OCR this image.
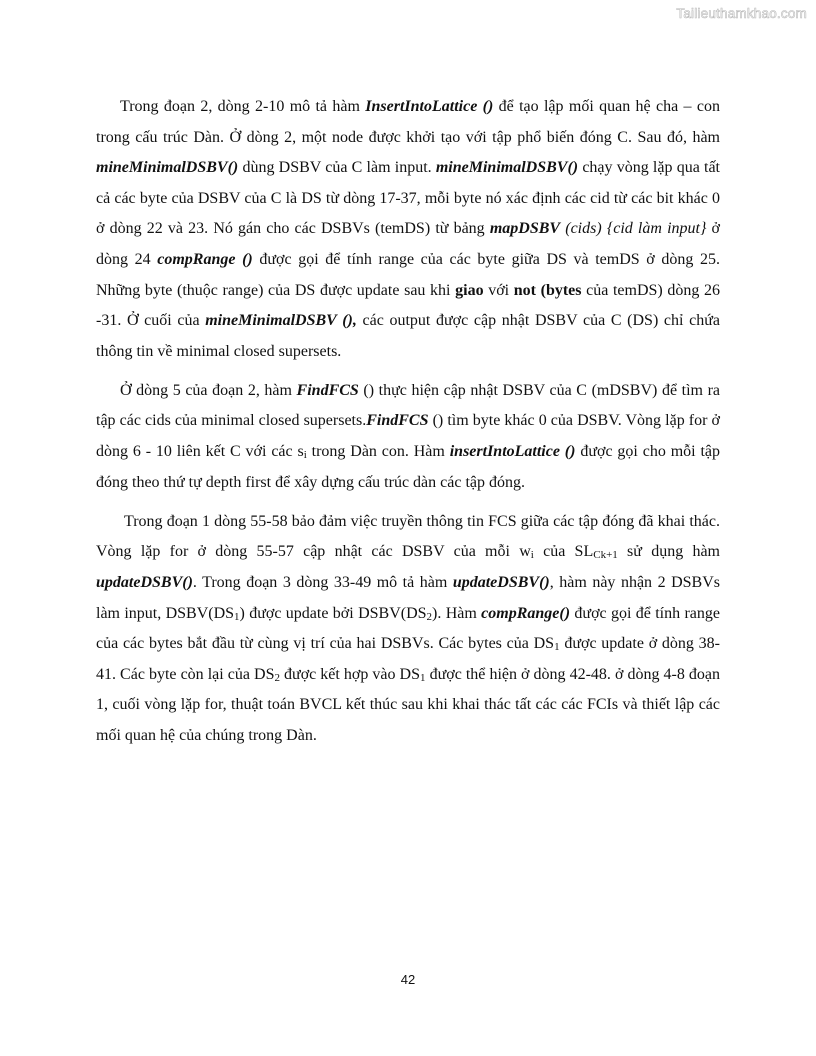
Tailieuthamkhao.com

Trong đoạn 2, dòng 2-10 mô tả hàm InsertIntoLattice () để tạo lập mối quan hệ cha – con trong cấu trúc Dàn. Ở dòng 2, một node được khởi tạo với tập phổ biến đóng C. Sau đó, hàm mineMinimalDSBV() dùng DSBV của C làm input. mineMinimalDSBV() chạy vòng lặp qua tất cả các byte của DSBV của C là DS từ dòng 17-37, mỗi byte nó xác định các cid từ các bit khác 0 ở dòng 22 và 23. Nó gán cho các DSBVs (temDS) từ bảng mapDSBV (cids) {cid làm input} ở dòng 24 compRange () được gọi để tính range của các byte giữa DS và temDS ở dòng 25. Những byte (thuộc range) của DS được update sau khi giao với not (bytes của temDS) dòng 26 -31. Ở cuối của mineMinimalDSBV (), các output được cập nhật DSBV của C (DS) chỉ chứa thông tin về minimal closed supersets.

Ở dòng 5 của đoạn 2, hàm FindFCS () thực hiện cập nhật DSBV của C (mDSBV) để tìm ra tập các cids của minimal closed supersets.FindFCS () tìm byte khác 0 của DSBV. Vòng lặp for ở dòng 6 - 10 liên kết C với các $s_i$ trong Dàn con. Hàm insertIntoLattice () được gọi cho mỗi tập đóng theo thứ tự depth first để xây dựng cấu trúc dàn các tập đóng.

Trong đoạn 1 dòng 55-58 bảo đảm việc truyền thông tin FCS giữa các tập đóng đã khai thác. Vòng lặp for ở dòng 55-57 cập nhật các DSBV của mỗi $w_i$ của $SL_{Ck+1}$ sử dụng hàm updateDSBV(). Trong đoạn 3 dòng 33-49 mô tả hàm updateDSBV(), hàm này nhận 2 DSBVs làm input, $DSBV(DS_1)$ được update bởi $DSBV(DS_2)$. Hàm compRange() được gọi để tính range của các bytes bắt đầu từ cùng vị trí của hai DSBVs. Các bytes của $DS_1$ được update ở dòng 38-41. Các byte còn lại của $DS_2$ được kết hợp vào $DS_1$ được thể hiện ở dòng 42-48. ở dòng 4-8 đoạn 1, cuối vòng lặp for, thuật toán BVCL kết thúc sau khi khai thác tất các các FCIs và thiết lập các mối quan hệ của chúng trong Dàn.

42
